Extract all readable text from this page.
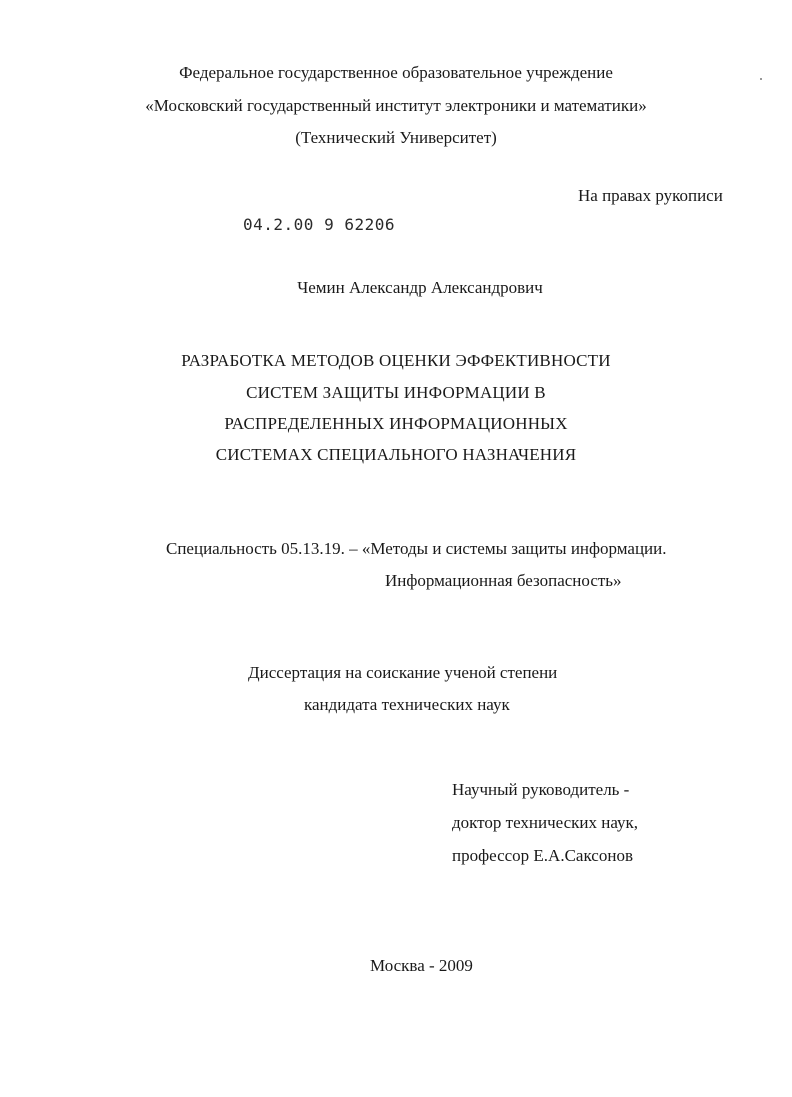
Федеральное государственное образовательное учреждение
«Московский государственный институт электроники и математики»
(Технический Университет)
На правах рукописи
04.2.00 9 62206
Чемин Александр Александрович
РАЗРАБОТКА МЕТОДОВ ОЦЕНКИ ЭФФЕКТИВНОСТИ
СИСТЕМ ЗАЩИТЫ ИНФОРМАЦИИ В
РАСПРЕДЕЛЕННЫХ ИНФОРМАЦИОННЫХ
СИСТЕМАХ СПЕЦИАЛЬНОГО НАЗНАЧЕНИЯ
Специальность 05.13.19. – «Методы и системы защиты информации.
Информационная безопасность»
Диссертация на соискание ученой степени
кандидата технических наук
Научный руководитель -
доктор технических наук,
профессор Е.А.Саксонов
Москва - 2009
